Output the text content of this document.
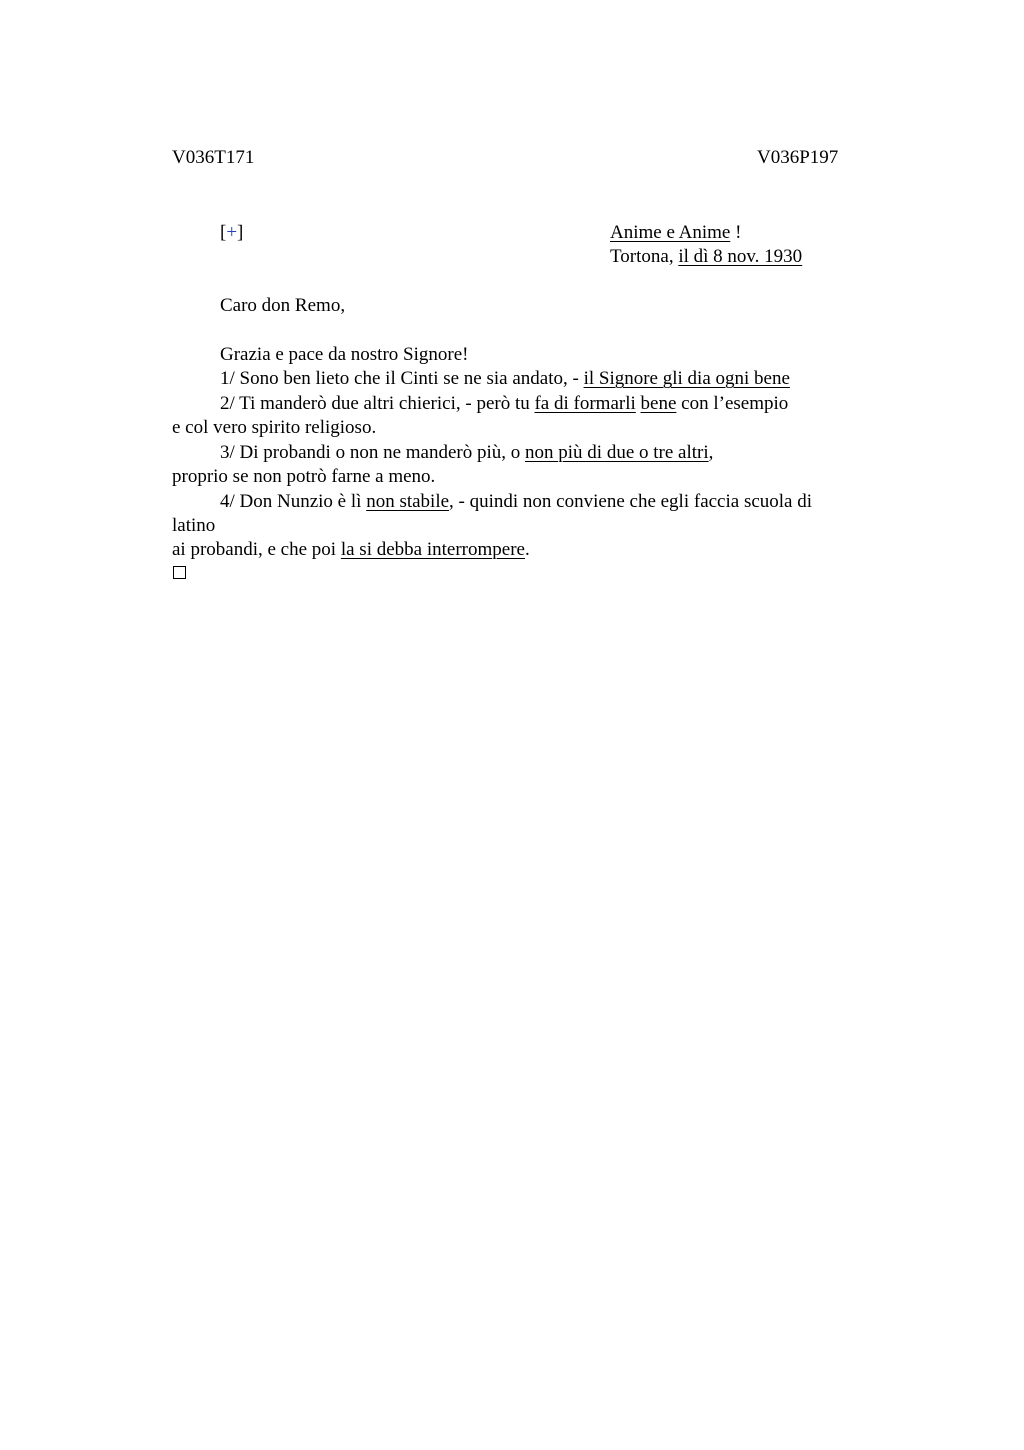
V036T171	V036P197
[+]	Anime e Anime !
Tortona, il dì 8 nov. 1930
Caro don Remo,
Grazia e pace da nostro Signore!
1/ Sono ben lieto che il Cinti se ne sia andato, - il Signore gli dia ogni bene
2/ Ti manderò due altri chierici, - però tu fa di formarli bene con l’esempio
e col vero spirito religioso.
3/ Di probandi o non ne manderò più, o non più di due o tre altri,
proprio se non potrò farne a meno.
4/ Don Nunzio è lì non stabile, - quindi non conviene che egli faccia scuola di
latino
ai probandi, e che poi la si debba interrompere.
